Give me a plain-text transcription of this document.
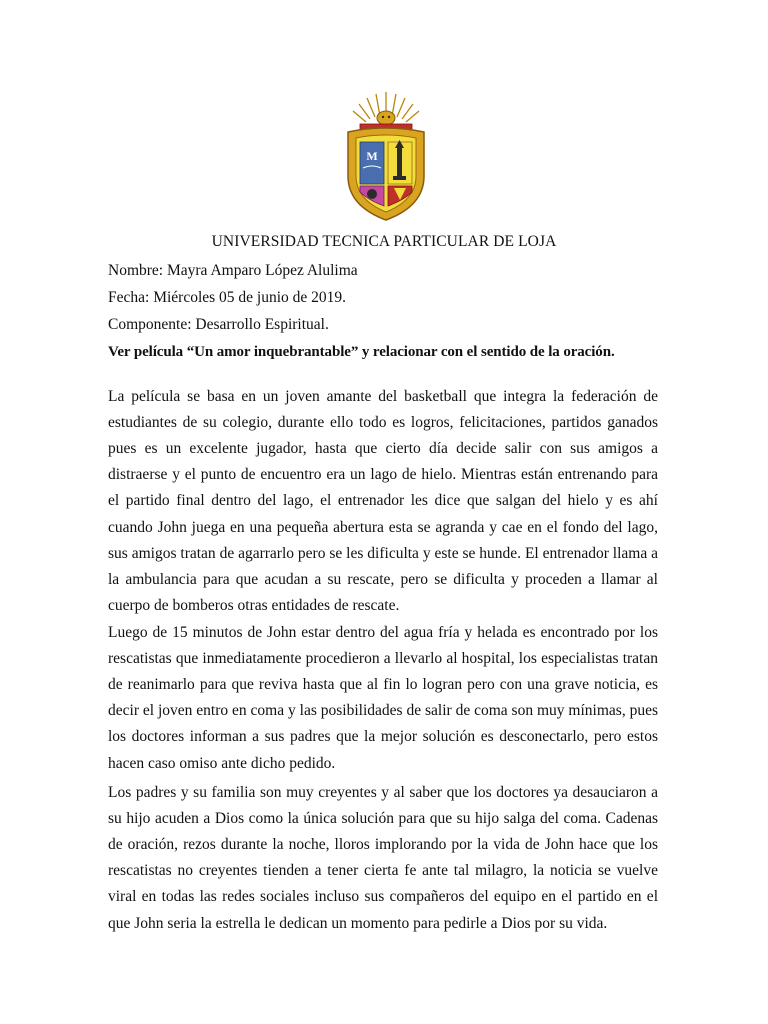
M
UNIVERSIDAD TECNICA PARTICULAR DE LOJA
Nombre: Mayra Amparo López Alulima
Fecha: Miércoles 05 de junio de 2019.
Componente: Desarrollo Espiritual.
Ver película “Un amor inquebrantable” y relacionar con el sentido de la oración.

La película se basa en un joven amante del basketball que integra la federación de estudiantes de su colegio, durante ello todo es logros, felicitaciones, partidos ganados pues es un excelente jugador, hasta que cierto día decide salir con sus amigos a distraerse y el punto de encuentro era un lago de hielo. Mientras están entrenando para el partido final dentro del lago, el entrenador les dice que salgan del hielo y es ahí cuando John juega en una pequeña abertura esta se agranda y cae en el fondo del lago, sus amigos tratan de agarrarlo pero se les dificulta y este se hunde. El entrenador llama a la ambulancia para que acudan a su rescate, pero se dificulta y proceden a llamar al cuerpo de bomberos otras entidades de rescate.

Luego de 15 minutos de John estar dentro del agua fría y helada es encontrado por los rescatistas que inmediatamente procedieron a llevarlo al hospital, los especialistas tratan de reanimarlo para que reviva hasta que al fin lo logran pero con una grave noticia, es decir el joven entro en coma y las posibilidades de salir de coma son muy mínimas, pues los doctores informan a sus padres que la mejor solución es desconectarlo, pero estos hacen caso omiso ante dicho pedido.

Los padres y su familia son muy creyentes y al saber que los doctores ya desauciaron a su hijo acuden a Dios como la única solución para que su hijo salga del coma. Cadenas de oración, rezos durante la noche, lloros implorando por la vida de John hace que los rescatistas no creyentes tienden a tener cierta fe ante tal milagro, la noticia se vuelve viral en todas las redes sociales incluso sus compañeros del equipo en el partido en el que John seria la estrella le dedican un momento para pedirle a Dios por su vida.
